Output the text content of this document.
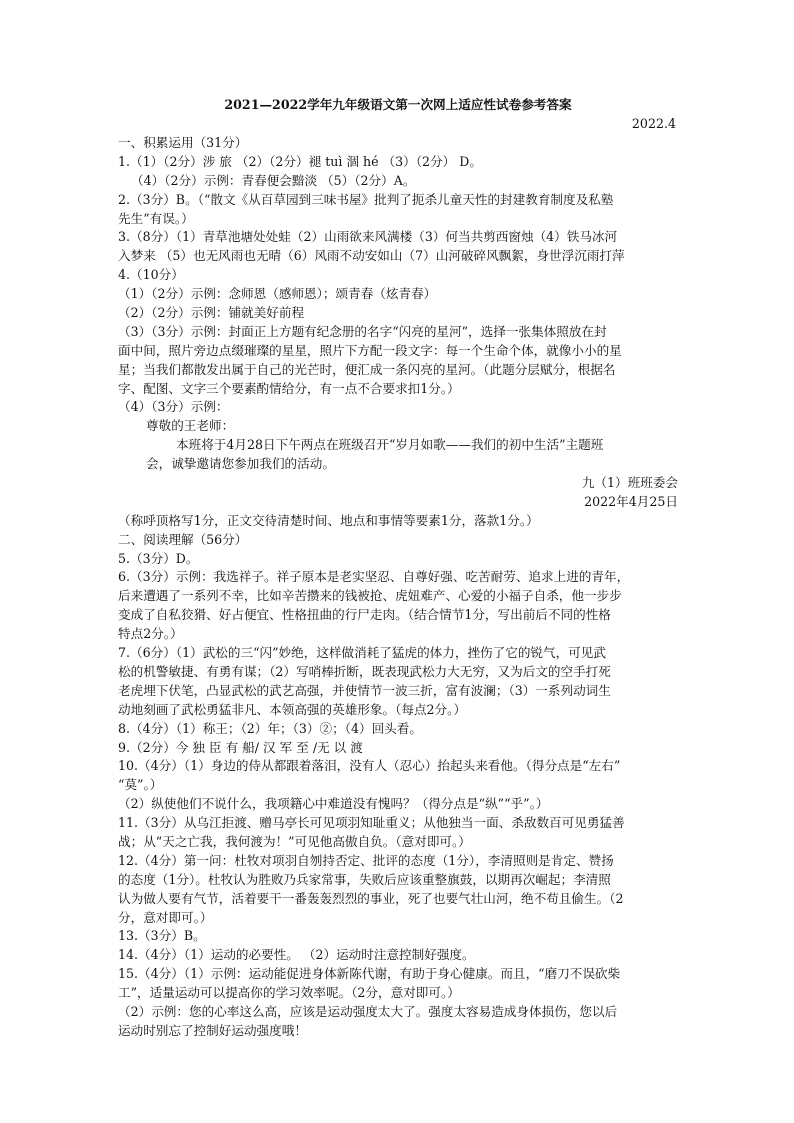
2021—2022学年九年级语文第一次网上适应性试卷参考答案
2022.4
一、积累运用（31分）
1.（1）（2分）涉 旅 （2）（2分）褪 tuì 涸 hé （3）（2分） D。
（4）（2分）示例：青春便会黯淡 （5）（2分）A。
2.（3分）B。（“散文《从百草园到三味书屋》批判了扼杀儿童天性的封建教育制度及私塾
先生”有误。）
3.（8分）（1）青草池塘处处蛙（2）山雨欲来风满楼（3）何当共剪西窗烛（4）铁马冰河
入梦来 （5）也无风雨也无晴（6）风雨不动安如山（7）山河破碎风飘絮，身世浮沉雨打萍
4.（10分）
（1）（2分）示例：念师恩（感师恩）；颂青春（炫青春）
（2）（2分）示例：铺就美好前程
（3）（3分）示例：封面正上方题有纪念册的名字“闪亮的星河”，选择一张集体照放在封
面中间，照片旁边点缀璀璨的星星，照片下方配一段文字：每一个生命个体，就像小小的星
星；当我们都散发出属于自己的光芒时，便汇成一条闪亮的星河。（此题分层赋分，根据名
字、配图、文字三个要素酌情给分，有一点不合要求扣1分。）
（4）（3分）示例：
尊敬的王老师：
本班将于4月28日下午两点在班级召开“岁月如歌——我们的初中生活”主题班
会，诚挚邀请您参加我们的活动。
九（1）班班委会
2022年4月25日
（称呼顶格写1分，正文交待清楚时间、地点和事情等要素1分，落款1分。）
二、阅读理解（56分）
5.（3分）D。
6.（3分）示例：我选祥子。祥子原本是老实坚忍、自尊好强、吃苦耐劳、追求上进的青年，
后来遭遇了一系列不幸，比如辛苦攒来的钱被抢、虎妞难产、心爱的小福子自杀，他一步步
变成了自私狡猾、好占便宜、性格扭曲的行尸走肉。（结合情节1分，写出前后不同的性格
特点2分。）
7.（6分）（1）武松的三“闪”妙绝，这样做消耗了猛虎的体力，挫伤了它的锐气，可见武
松的机警敏捷、有勇有谋；（2）写哨棒折断，既表现武松力大无穷，又为后文的空手打死
老虎埋下伏笔，凸显武松的武艺高强，并使情节一波三折，富有波澜；（3）一系列动词生
动地刻画了武松勇猛非凡、本领高强的英雄形象。（每点2分。）
8.（4分）（1）称王；（2）年；（3）②；（4）回头看。
9.（2分）今 独 臣 有 船/ 汉 军 至 /无 以 渡
10.（4分）（1）身边的侍从都跟着落泪，没有人（忍心）抬起头来看他。（得分点是“左右”
“莫”。）
（2）纵使他们不说什么，我项籍心中难道没有愧吗？（得分点是“纵”“乎”。）
11.（3分）从乌江拒渡、赠马亭长可见项羽知耻重义；从他独当一面、杀敌数百可见勇猛善
战；从“天之亡我，我何渡为！”可见他高傲自负。（意对即可。）
12.（4分）第一问：杜牧对项羽自刎持否定、批评的态度（1分），李清照则是肯定、赞扬
的态度（1分）。杜牧认为胜败乃兵家常事，失败后应该重整旗鼓，以期再次崛起；李清照
认为做人要有气节，活着要干一番轰轰烈烈的事业，死了也要气壮山河，绝不苟且偷生。（2
分，意对即可。）
13.（3分）B。
14.（4分）（1）运动的必要性。 （2）运动时注意控制好强度。
15.（4分）（1）示例：运动能促进身体新陈代谢，有助于身心健康。而且，“磨刀不误砍柴
工”，适量运动可以提高你的学习效率呢。（2分，意对即可。）
（2）示例：您的心率这么高，应该是运动强度太大了。强度太容易造成身体损伤，您以后
运动时别忘了控制好运动强度哦！
